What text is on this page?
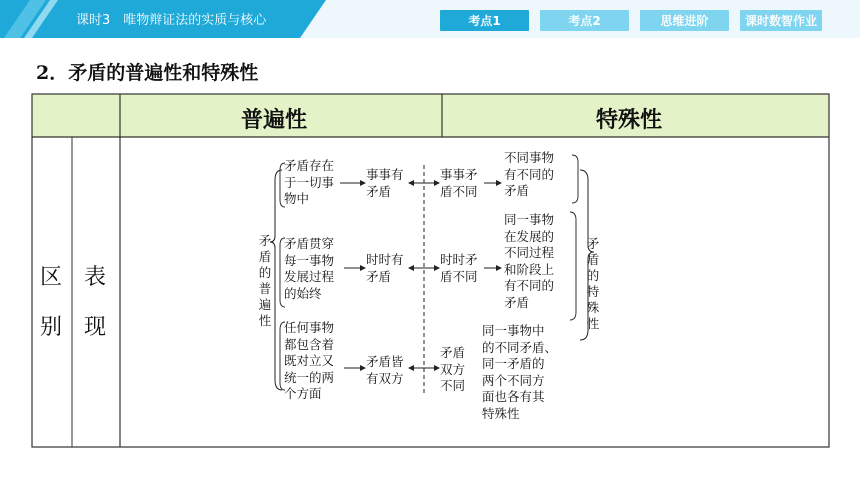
课时3　唯物辩证法的实质与核心	考点1	考点2	思维进阶	课时数智作业
2．矛盾的普遍性和特殊性
普遍性	特殊性
区
别
表
现
矛
盾
的
普
遍
性
矛盾存在
于一切事
物中
事事有
矛盾
矛盾贯穿
每一事物
发展过程
的始终
时时有
矛盾
任何事物
都包含着
既对立又
统一的两
个方面
矛盾皆
有双方
事事矛
盾不同
不同事物
有不同的
矛盾
时时矛
盾不同
同一事物
在发展的
不同过程
和阶段上
有不同的
矛盾
矛盾
双方
不同
同一事物中
的不同矛盾、
同一矛盾的
两个不同方
面也各有其
特殊性
矛
盾
的
特
殊
性
